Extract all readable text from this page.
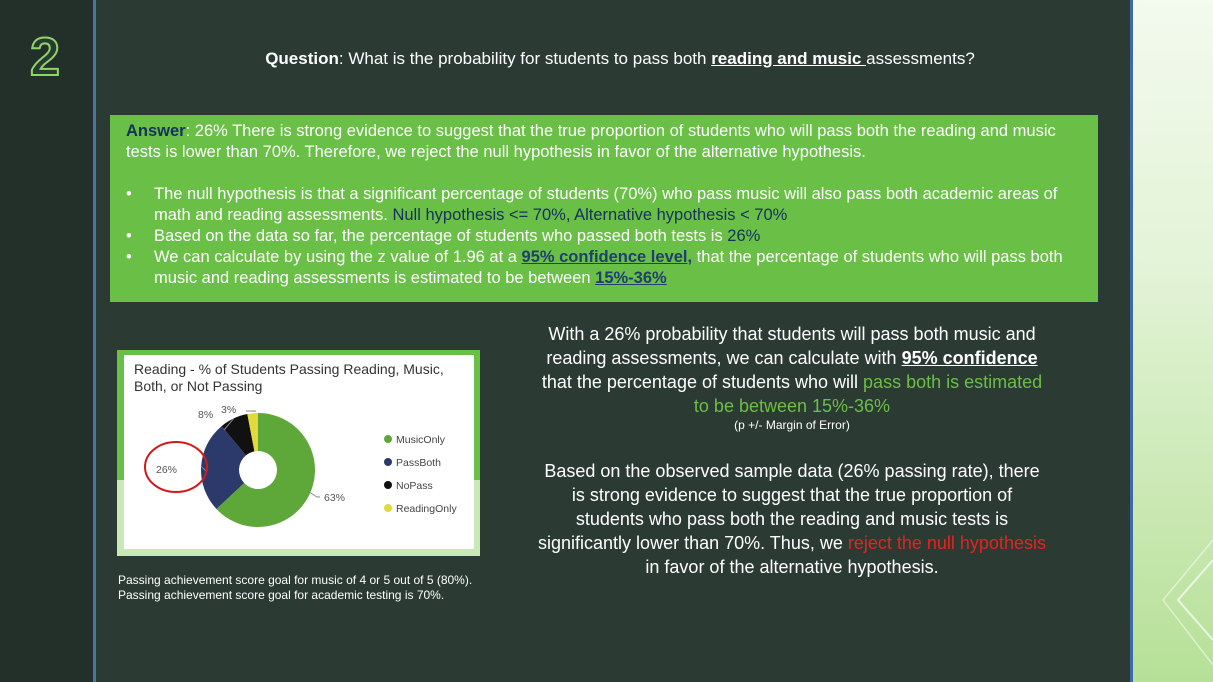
2	Question: What is the probability for students to pass both reading and music assessments?

Answer: 26% There is strong evidence to suggest that the true proportion of students who will pass both the reading and music tests is lower than 70%. Therefore, we reject the null hypothesis in favor of the alternative hypothesis.

• The null hypothesis is that a significant percentage of students (70%) who pass music will also pass both academic areas of math and reading assessments. Null hypothesis <= 70%, Alternative hypothesis < 70%
• Based on the data so far, the percentage of students who passed both tests is 26%
• We can calculate by using the z value of 1.96 at a 95% confidence level, that the percentage of students who will pass both music and reading assessments is estimated to be between 15%-36%
Reading - % of Students Passing Reading, Music, Both, or Not Passing
63%
26%
8% 3%
MusicOnly
PassBoth
NoPass
ReadingOnly
Passing achievement score goal for music of 4 or 5 out of 5 (80%).
Passing achievement score goal for academic testing is 70%.
With a 26% probability that students will pass both music and reading assessments, we can calculate with 95% confidence that the percentage of students who will pass both is estimated to be between 15%-36%
(p +/- Margin of Error)
Based on the observed sample data (26% passing rate), there is strong evidence to suggest that the true proportion of students who pass both the reading and music tests is significantly lower than 70%. Thus, we reject the null hypothesis in favor of the alternative hypothesis.
